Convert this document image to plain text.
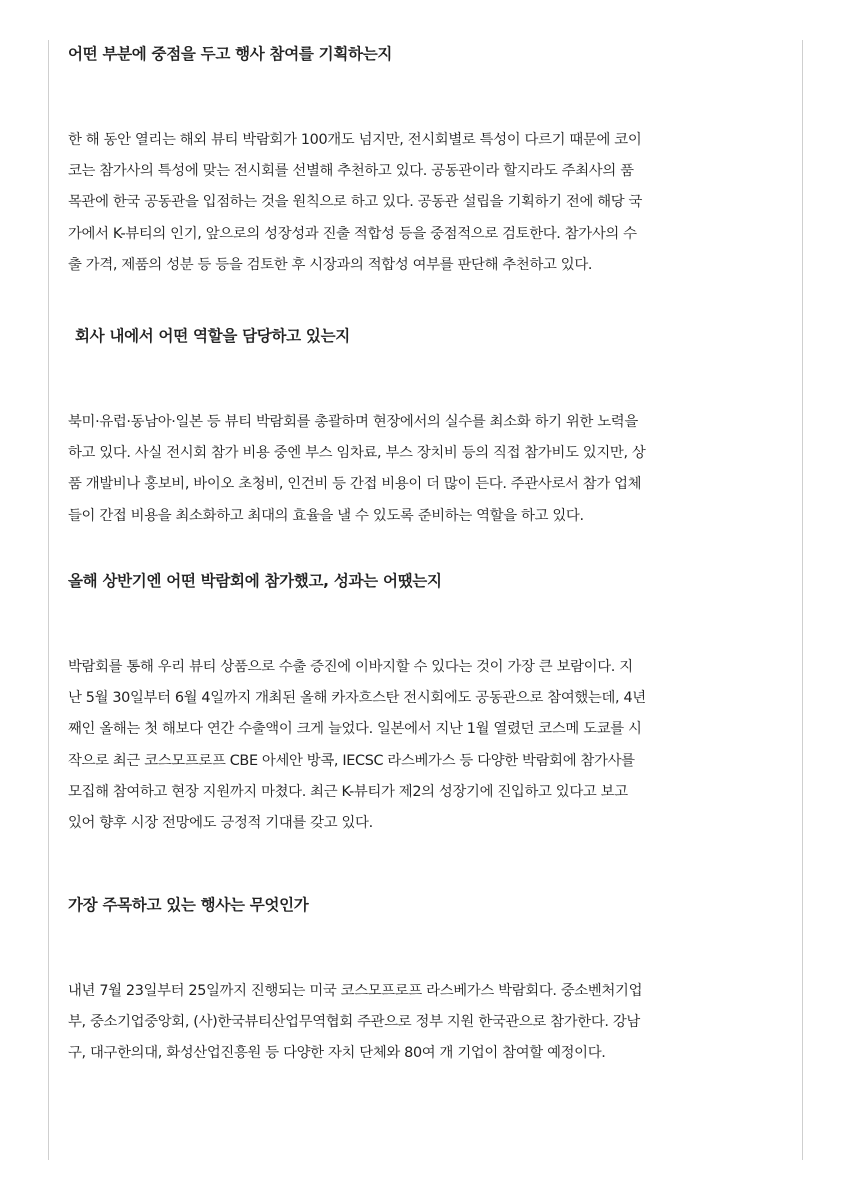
어떤 부분에 중점을 두고 행사 참여를 기획하는지

한 해 동안 열리는 해외 뷰티 박람회가 100개도 넘지만, 전시회별로 특성이 다르기 때문에 코이
코는 참가사의 특성에 맞는 전시회를 선별해 추천하고 있다. 공동관이라 할지라도 주최사의 품
목관에 한국 공동관을 입점하는 것을 원칙으로 하고 있다. 공동관 설립을 기획하기 전에 해당 국
가에서 K-뷰티의 인기, 앞으로의 성장성과 진출 적합성 등을 중점적으로 검토한다. 참가사의 수
출 가격, 제품의 성분 등 등을 검토한 후 시장과의 적합성 여부를 판단해 추천하고 있다.

회사 내에서 어떤 역할을 담당하고 있는지

북미·유럽·동남아·일본 등 뷰티 박람회를 총괄하며 현장에서의 실수를 최소화 하기 위한 노력을
하고 있다. 사실 전시회 참가 비용 중엔 부스 임차료, 부스 장치비 등의 직접 참가비도 있지만, 상
품 개발비나 홍보비, 바이오 초청비, 인건비 등 간접 비용이 더 많이 든다. 주관사로서 참가 업체
들이 간접 비용을 최소화하고 최대의 효율을 낼 수 있도록 준비하는 역할을 하고 있다.

올해 상반기엔 어떤 박람회에 참가했고, 성과는 어땠는지

박람회를 통해 우리 뷰티 상품으로 수출 증진에 이바지할 수 있다는 것이 가장 큰 보람이다. 지
난 5월 30일부터 6월 4일까지 개최된 올해 카자흐스탄 전시회에도 공동관으로 참여했는데, 4년
째인 올해는 첫 해보다 연간 수출액이 크게 늘었다. 일본에서 지난 1월 열렸던 코스메 도쿄를 시
작으로 최근 코스모프로프 CBE 아세안 방콕, IECSC 라스베가스 등 다양한 박람회에 참가사를
모집해 참여하고 현장 지원까지 마쳤다. 최근 K-뷰티가 제2의 성장기에 진입하고 있다고 보고
있어 향후 시장 전망에도 긍정적 기대를 갖고 있다.

가장 주목하고 있는 행사는 무엇인가

내년 7월 23일부터 25일까지 진행되는 미국 코스모프로프 라스베가스 박람회다. 중소벤처기업
부, 중소기업중앙회, (사)한국뷰티산업무역협회 주관으로 정부 지원 한국관으로 참가한다. 강남
구, 대구한의대, 화성산업진흥원 등 다양한 자치 단체와 80여 개 기업이 참여할 예정이다.
